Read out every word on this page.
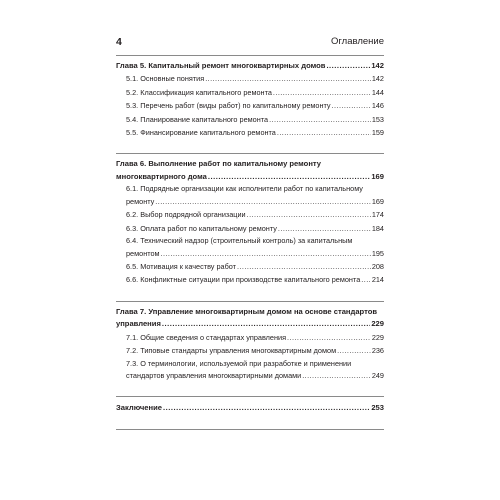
4	Оглавление
Глава 5. Капитальный ремонт многоквартирных домов . . .	142
5.1. Основные понятия . . .	142
5.2. Классификация капитального ремонта . . .	144
5.3. Перечень работ (виды работ) по капитальному ремонту . . .	146
5.4. Планирование капитального ремонта . . .	153
5.5. Финансирование капитального ремонта . . .	159
Глава 6. Выполнение работ по капитальному ремонту
многоквартирного дома . . .	169
6.1. Подрядные организации как исполнители работ по капитальному
ремонту . . .	169
6.2. Выбор подрядной организации . . .	174
6.3. Оплата работ по капитальному ремонту . . .	184
6.4. Технический надзор (строительный контроль) за капитальным
ремонтом . . .	195
6.5. Мотивация к качеству работ . . .	208
6.6. Конфликтные ситуации при производстве капитального ремонта . . . 214
Глава 7. Управление многоквартирным домом на основе стандартов
управления . . .	229
7.1. Общие сведения о стандартах управления . . .	229
7.2. Типовые стандарты управления многоквартирным домом . . .	236
7.3. О терминологии, используемой при разработке и применении
стандартов управления многоквартирными домами . . .	249
Заключение . . .	253
